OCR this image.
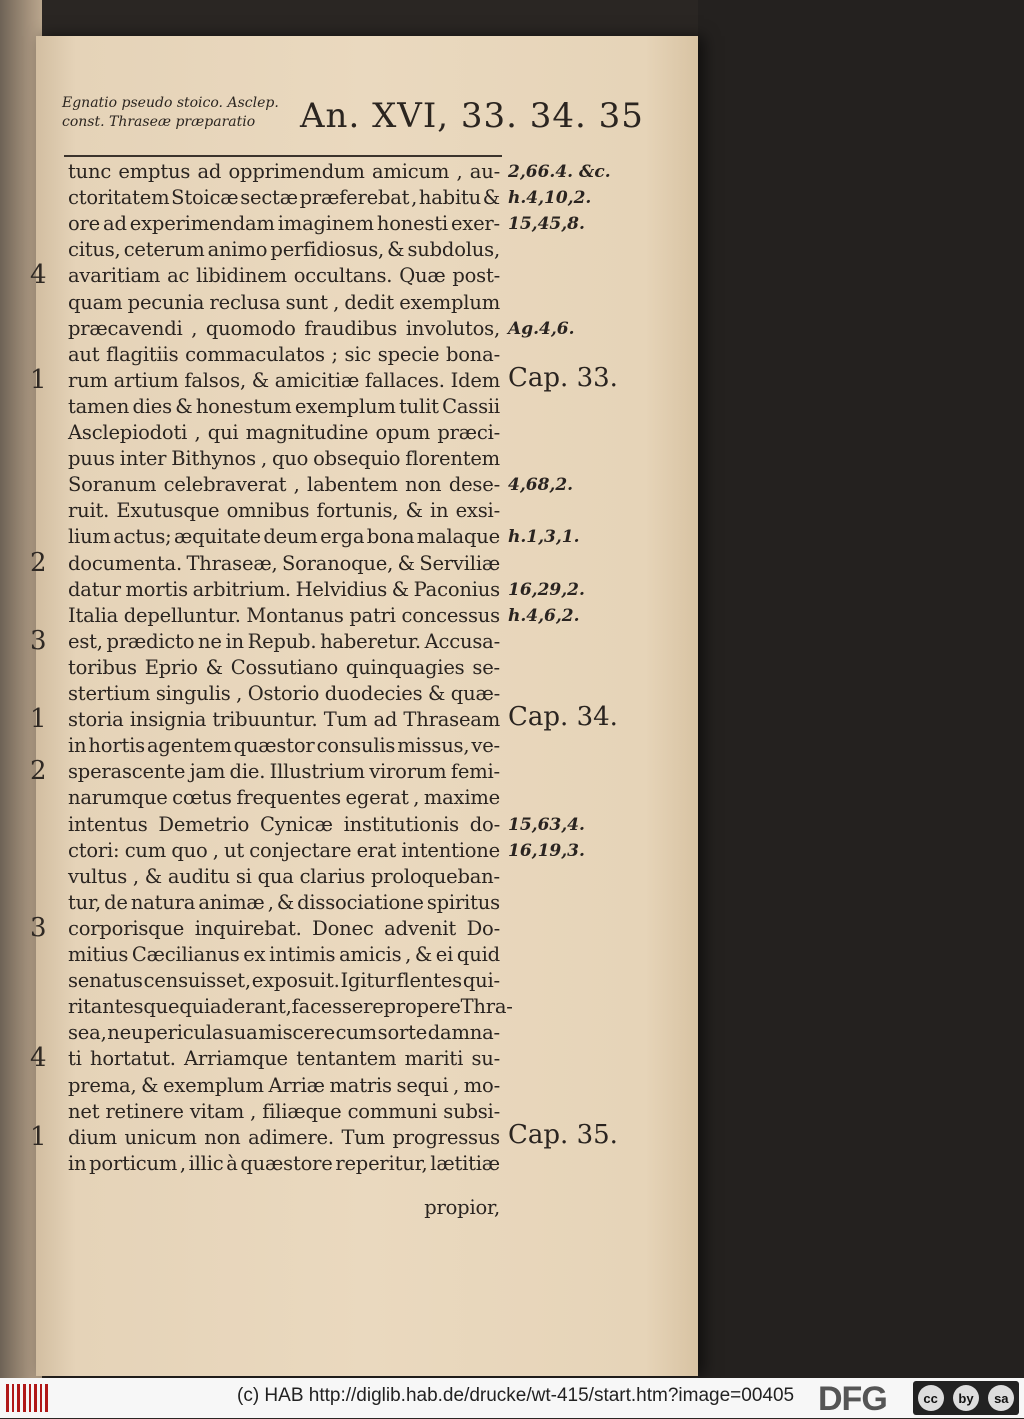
Egnatio pseudo stoico. Asclep.
const. Thraseæ præparatio	An. XVI, 33. 34. 35
tunc emptus ad opprimendum amicum , au- 2,66.4. &c.
ctoritatem Stoicæ sectæ præferebat , habitu & h.4,10,2.
ore ad experimendam imaginem honesti exer- 15,45,8.
citus, ceterum animo perfidiosus, & subdolus,
avaritiam ac libidinem occultans. Quæ post-
4
quam pecunia reclusa sunt , dedit exemplum
præcavendi , quomodo fraudibus involutos, Ag.4,6.
aut flagitiis commaculatos ; sic specie bona-
rum artium falsos, & amicitiæ fallaces. Idem
1	Cap. 33.
tamen dies & honestum exemplum tulit Cassii
Asclepiodoti , qui magnitudine opum præci-
puus inter Bithynos , quo obsequio florentem
Soranum celebraverat , labentem non dese- 4,68,2.
ruit. Exutusque omnibus fortunis, & in exsi-
lium actus; æquitate deum erga bona malaque h.1,3,1.
documenta. Thraseæ, Soranoque, & Serviliæ
2
datur mortis arbitrium. Helvidius & Paconius 16,29,2.
Italia depelluntur. Montanus patri concessus h.4,6,2.
est, prædicto ne in Repub. haberetur. Accusa-
3
toribus Eprio & Cossutiano quinquagies se-
stertium singulis , Ostorio duodecies & quæ-
storia insignia tribuuntur. Tum ad Thraseam
1	Cap. 34.
in hortis agentem quæstor consulis missus, ve-
sperascente jam die. Illustrium virorum femi-
2
narumque cœtus frequentes egerat , maxime
intentus Demetrio Cynicæ institutionis do- 15,63,4.
ctori: cum quo , ut conjectare erat intentione 16,19,3.
vultus , & auditu si qua clarius proloqueban-
tur, de natura animæ , & dissociatione spiritus
corporisque inquirebat. Donec advenit Do-
3
mitius Cæcilianus ex intimis amicis , & ei quid
senatus censuisset, exposuit. Igitur flentes qui-
ritantesque qui aderant, facessere propere Thra-
sea, neu pericula sua miscere cum sorte damna-
ti hortatut. Arriamque tentantem mariti su-
4
prema, & exemplum Arriæ matris sequi , mo-
net retinere vitam , filiæque communi subsi-
dium unicum non adimere. Tum progressus
1	Cap. 35.
in porticum , illic à quæstore reperitur, lætitiæ
propior,
(c) HAB http://diglib.hab.de/drucke/wt-415/start.htm?image=00405 DFG	cc	by	sa
